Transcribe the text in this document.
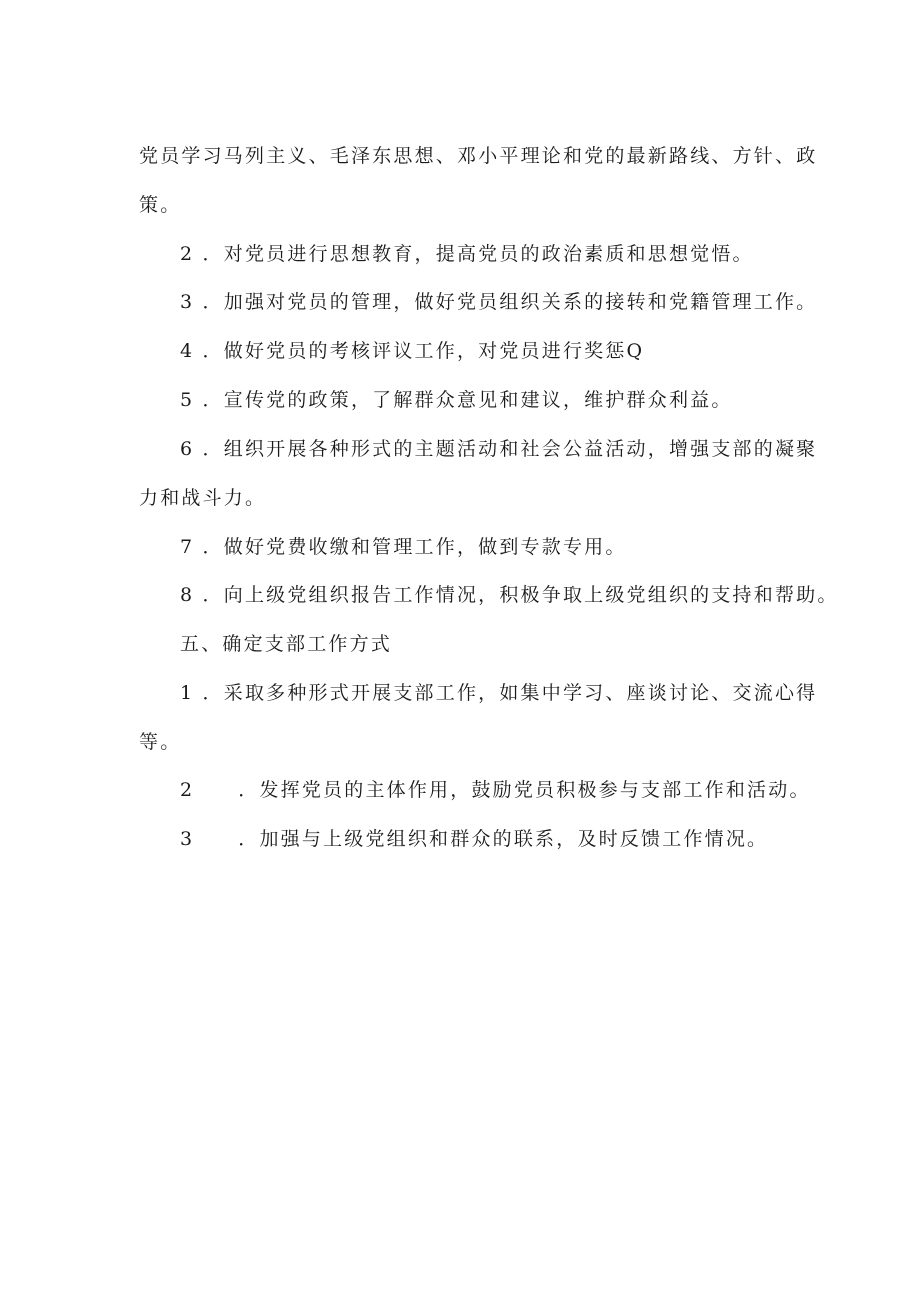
党员学习马列主义、毛泽东思想、邓小平理论和党的最新路线、方针、政
策。
2 ．对党员进行思想教育，提高党员的政治素质和思想觉悟。
3 ．加强对党员的管理，做好党员组织关系的接转和党籍管理工作。
4 ．做好党员的考核评议工作，对党员进行奖惩Q
5 ．宣传党的政策，了解群众意见和建议，维护群众利益。
6 ．组织开展各种形式的主题活动和社会公益活动，增强支部的凝聚
力和战斗力。
7 ．做好党费收缴和管理工作，做到专款专用。
8 ．向上级党组织报告工作情况，积极争取上级党组织的支持和帮助。
五、确定支部工作方式
1 ．采取多种形式开展支部工作，如集中学习、座谈讨论、交流心得
等。
2 ．发挥党员的主体作用，鼓励党员积极参与支部工作和活动。
3 ．加强与上级党组织和群众的联系，及时反馈工作情况。
